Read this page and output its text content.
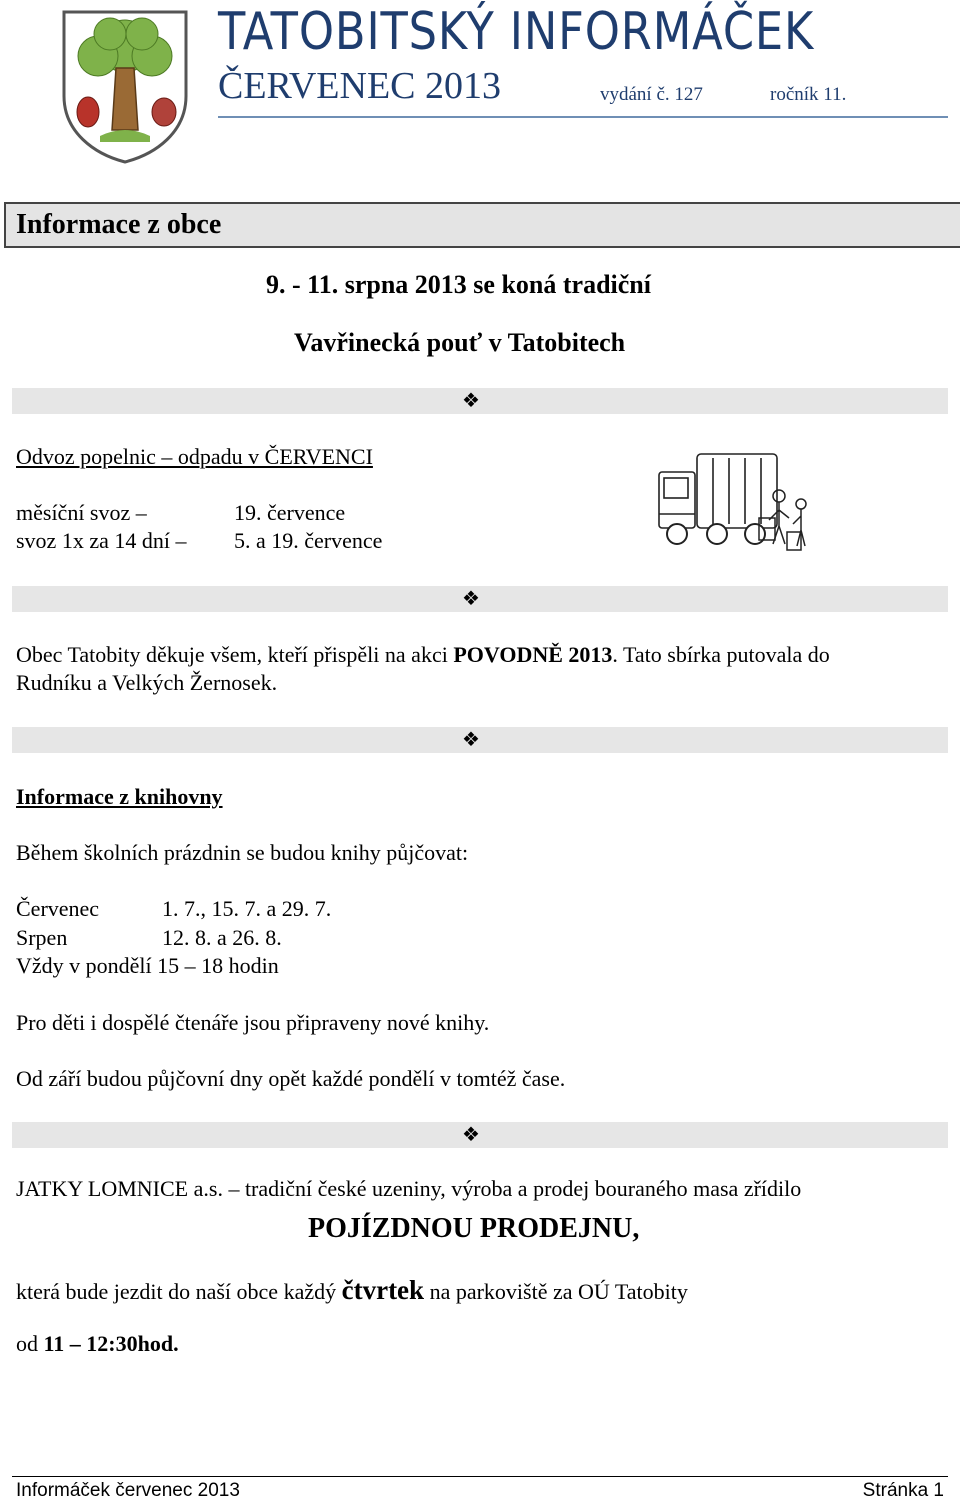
TATOBITSKÝ INFORMÁČEK
ČERVENEC 2013	vydání č. 127	ročník 11.
Informace z obce
9. - 11. srpna 2013 se koná tradiční
Vavřinecká pouť v Tatobitech
❖
Odvoz popelnic – odpadu v ČERVENCI
měsíční svoz –	19. července
svoz 1x za 14 dní – 5. a 19. července
❖
Obec Tatobity děkuje všem, kteří přispěli na akci POVODNĚ 2013. Tato sbírka putovala do
Rudníku a Velkých Žernosek.
❖
Informace z knihovny
Během školních prázdnin se budou knihy půjčovat:
Červenec	1. 7., 15. 7. a 29. 7.
Srpen	12. 8. a 26. 8.
Vždy v pondělí 15 – 18 hodin
Pro děti i dospělé čtenáře jsou připraveny nové knihy.
Od září budou půjčovní dny opět každé pondělí v tomtéž čase.
❖
JATKY LOMNICE a.s. – tradiční české uzeniny, výroba a prodej bouraného masa zřídilo
POJÍZDNOU PRODEJNU,
která bude jezdit do naší obce každý čtvrtek na parkoviště za OÚ Tatobity
od 11 – 12:30hod.
Informáček červenec 2013	Stránka 1
